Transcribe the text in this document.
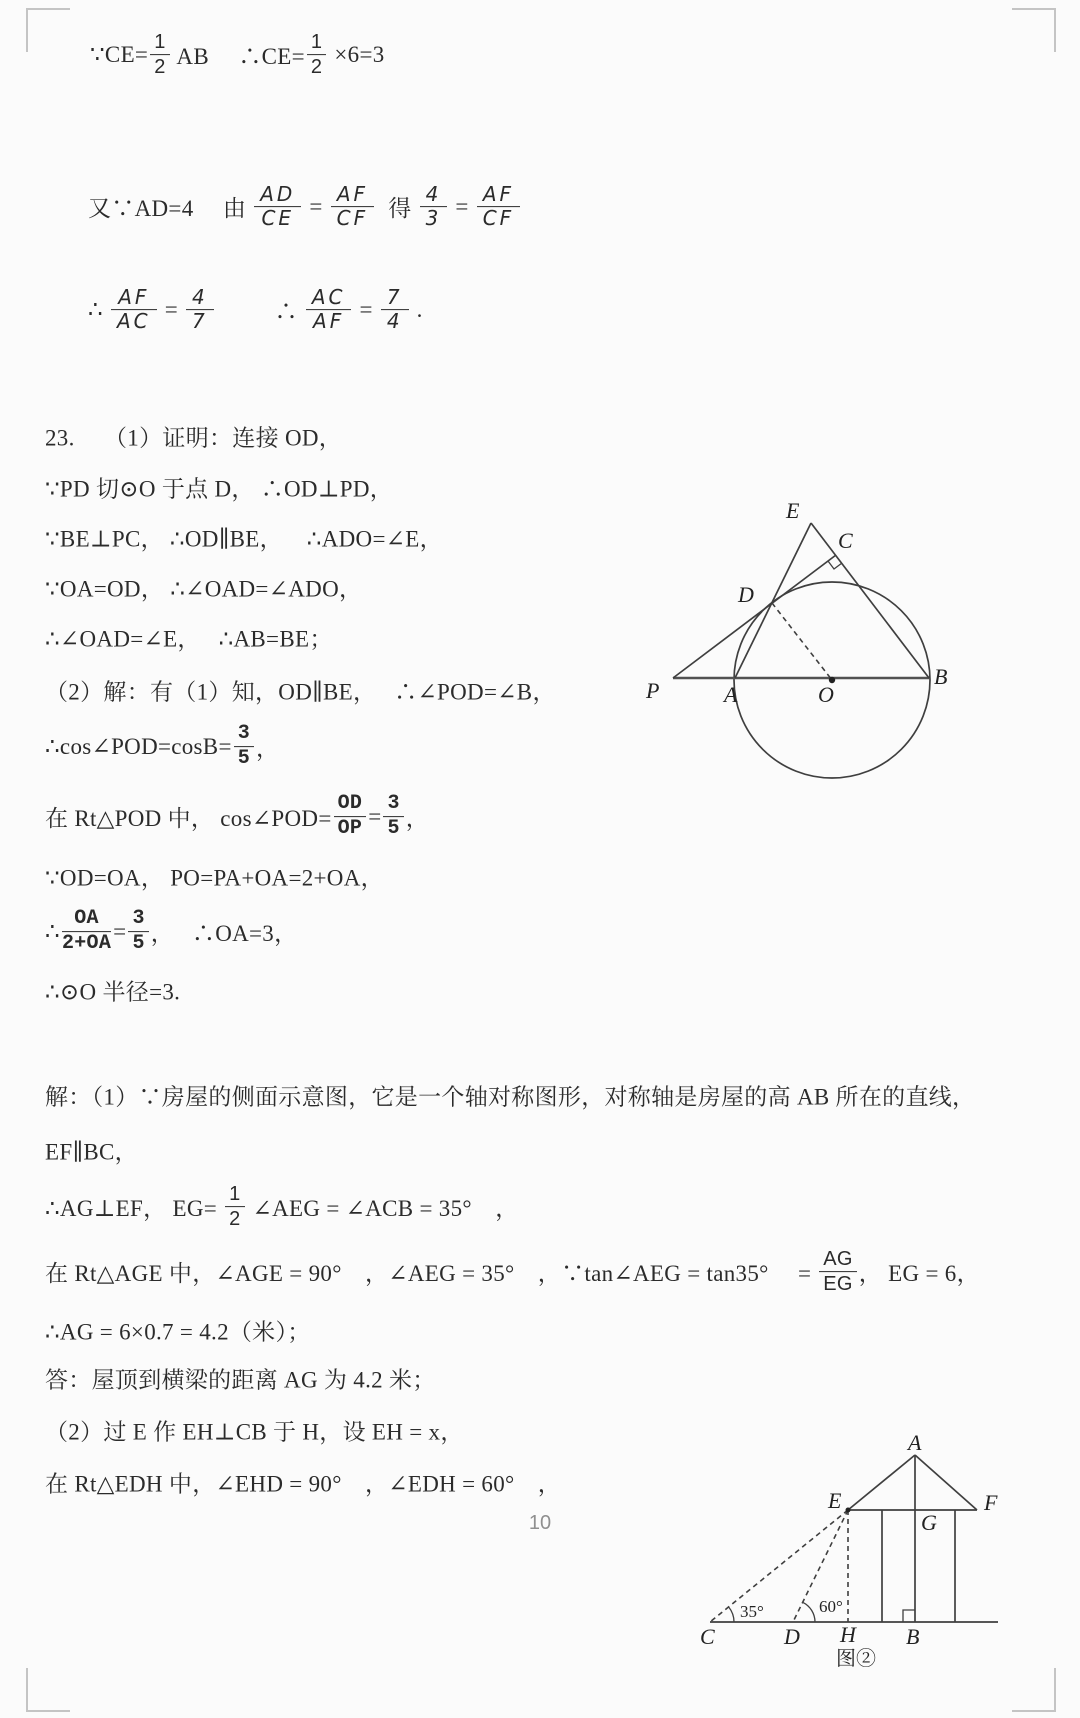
∵CE= $\frac{1}{2}$ AB　 ∴CE= $\frac{1}{2} \times 6=3$
又∵AD=4　 由 $\frac{AD}{CE} = \frac{AF}{CF}$ 得 $\frac{4}{3} = \frac{AF}{CF}$
∴ $\frac{AF}{AC} = \frac{4}{7}$ 　　  ∴ $\frac{AC}{AF} = \frac{7}{4}$ .
23.　 （1）证明：连接 OD，
∵PD 切⊙O 于点 D， ∴OD⊥PD，
∵BE⊥PC， ∴OD∥BE，　  ∴ADO=∠E，
∵OA=OD， ∴∠OAD=∠ADO，
∴∠OAD=∠E，　 ∴AB=BE；
（2）解：有（1）知，OD∥BE，　 ∴∠POD=∠B，
∴cos∠POD=cosB= $\frac{3}{5}$ ，
在 Rt△POD 中， cos∠POD= $\frac{OD}{OP} = \frac{3}{5}$ ，
∵OD=OA， PO=PA+OA=2+OA，
∴ $\frac{OA}{2+OA} = \frac{3}{5}$ ，　 ∴OA=3，
∴⊙O 半径=3.
解：（1）∵房屋的侧面示意图，它是一个轴对称图形，对称轴是房屋的高 AB 所在的直线，
EF∥BC，
∴AG⊥EF， $EG= \frac{1}{2}$ ∠AEG = ∠ACB = 35°　，
在 Rt△AGE 中，∠AGE = 90°　，∠AEG = 35°　，∵tan∠AEG = tan35°　 = $\frac{AG}{EG}$ ， EG = 6，
∴AG = 6×0.7 = 4.2（米）；
答：屋顶到横梁的距离 AG 为 4.2 米；
（2）过 E 作 EH⊥CB 于 H，设 EH = x，
在 Rt△EDH 中，∠EHD = 90°　，∠EDH = 60°　，
E
C
D
P	A	O
B
A
E	F
G
C	D H B
35°	60°
图②
10
